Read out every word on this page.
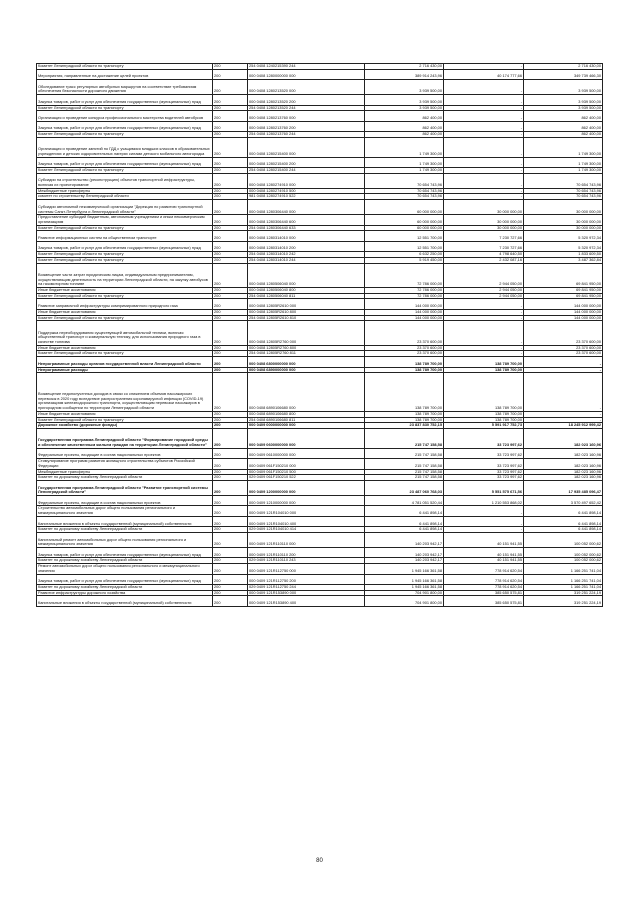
Комитет Ленинградской области по транспорту	200	254 0408 1240215390 244	2 716 430,00	-	2 716 430,00
Мероприятия, направленные на достижение целей проектов	200	000 0408 1280000000 000	389 914 243,96	40 174 777,66	349 739 466,30
Обследование трасс регулярных автобусных маршрутов на соответствие требованиям обеспечения безопасности дорожного движения	200	000 0408 1280213520 000	3 939 500,00	-	3 939 500,00
Закупка товаров, работ и услуг для обеспечения государственных (муниципальных) нужд	200	000 0408 1280213520 200	3 939 500,00	-	3 939 500,00
Комитет Ленинградской области по транспорту	200	254 0408 1280213520 244	3 939 500,00	-	3 939 500,00
Организация и проведение конкурса профессионального мастерства водителей автобусов	200	000 0408 1280213760 000	862 400,00	-	862 400,00
Закупка товаров, работ и услуг для обеспечения государственных (муниципальных) нужд	200	000 0408 1280213760 200	862 400,00	-	862 400,00
Комитет Ленинградской области по транспорту	200	254 0408 1280213760 244	862 400,00	-	862 400,00
Организация и проведение занятий по ГДД с учащимися младших классов в образовательных учреждениях и детских оздоровительных лагерях силами детского мобильного автогородка	200	000 0408 1280215400 000	1 749 300,00	-	1 749 300,00
Закупка товаров, работ и услуг для обеспечения государственных (муниципальных) нужд	200	000 0408 1280215400 200	1 749 300,00	-	1 749 300,00
Комитет Ленинградской области по транспорту	200	254 0408 1280215400 244	1 749 300,00	-	1 749 300,00
Субсидии на строительство (реконструкцию) объектов транспортной инфраструктуры, включая их проектирование	200	000 0408 1280274910 000	70 654 743,96	-	70 654 743,96
Межбюджетные трансферты	200	000 0408 1280274910 500	70 654 743,96	-	70 654 743,96
комитет по строительству Ленинградской области	200	981 0408 1280274910 522	70 654 743,96	-	70 654 743,96
Субсидии автономной некоммерческой организации "Дирекция по развитию транспортной системы Санкт-Петербурга и Ленинградской области"	200	000 0408 1280306440 000	60 000 000,00	30 000 000,00	30 000 000,00
Предоставление субсидий бюджетным, автономным учреждениям и иным некоммерческим организациям	200	000 0408 1280306440 600	60 000 000,00	30 000 000,00	30 000 000,00
Комитет Ленинградской области по транспорту	200	254 0408 1280306440 633	60 000 000,00	30 000 000,00	30 000 000,00
Развитие информационных систем на общественном транспорте	200	000 0408 1280314010 000	12 551 700,00	7 230 727,66	5 320 972,34
Закупка товаров, работ и услуг для обеспечения государственных (муниципальных) нужд	200	000 0408 1280314010 200	12 551 700,00	7 230 727,66	5 320 972,34
Комитет Ленинградской области по транспорту	200	254 0408 1280314010 242	6 632 250,00	4 798 640,50	1 833 609,50
Комитет Ленинградской области по транспорту	200	254 0408 1280314010 244	5 919 450,00	2 432 087,16	3 487 362,84
Возмещение части затрат юридическим лицам, индивидуальным предпринимателям, осуществляющим деятельность на территории Ленинградской области, на закупку автобусов на газомоторном топливе	200	000 0408 1280506040 000	72 786 000,00	2 944 050,00	69 841 950,00
Иные бюджетные ассигнования	200	000 0408 1280506040 800	72 786 000,00	2 944 050,00	69 841 950,00
Комитет Ленинградской области по транспорту	200	254 0408 1280506040 811	72 786 000,00	2 944 050,00	69 841 950,00
Развитие заправочной инфраструктуры компримированного природного газа	200	000 0408 12805R2610 000	144 000 000,00	-	144 000 000,00
Иные бюджетные ассигнования	200	000 0408 12805R2610 800	144 000 000,00	-	144 000 000,00
Комитет Ленинградской области по транспорту	200	254 0408 12805R2610 810	144 000 000,00	-	144 000 000,00
Поддержка переоборудования существующей автомобильной техники, включая общественный транспорт и коммунальную технику, для использования природного газа в качестве топлива	200	000 0408 12805R2760 000	23 370 600,00	-	23 370 600,00
Иные бюджетные ассигнования	200	000 0408 12805R2760 800	23 370 600,00	-	23 370 600,00
Комитет Ленинградской области по транспорту	200	254 0408 12805R2760 811	23 370 600,00	-	23 370 600,00
Непрограммные расходы органов государственной власти Ленинградской области	200	000 0408 6800000000 000	138 789 700,00	138 789 700,00	-
Непрограммные расходы	200	000 0408 6890000000 000	138 789 700,00	138 789 700,00	-
Возмещение недополученных доходов в связи со снижением объемов пассажирских перевозок в 2020 году вследствие распространения коронавирусной инфекции (COVID-19) организациям железнодорожного транспорта, осуществляющим перевозки пассажиров в пригородном сообщении по территории Ленинградской области	200	000 0408 6890106680 000	138 789 700,00	138 789 700,00	-
Иные бюджетные ассигнования	200	000 0408 6890106680 800	138 789 700,00	138 789 700,00	-
Комитет Ленинградской области по транспорту	200	254 0408 6890106680 811	138 789 700,00	138 789 700,00	-
Дорожное хозяйство (дорожные фонды)	200	000 0409 0000000000 000	23 837 830 752,15	5 591 917 752,73	18 245 912 999,42
Государственная программа Ленинградской области "Формирование городской среды и обеспечение качественным жильем граждан на территории Ленинградской области"	200	000 0409 0600000000 000	215 747 158,58	33 723 997,62	182 023 160,96
Федеральные проекты, входящие в состав национальных проектов	200	000 0409 0610000000 000	215 747 158,58	33 723 997,62	182 023 160,96
Стимулирование программ развития жилищного строительства субъектов Российской Федерации	200	000 0409 061F150210 000	215 747 158,58	33 723 997,62	182 023 160,96
Межбюджетные трансферты	200	000 0409 061F150210 500	215 747 158,58	33 723 997,62	182 023 160,96
Комитет по дорожному хозяйству Ленинградской области	200	029 0409 061F150210 522	215 747 158,58	33 723 997,62	182 023 160,96
Государственная программа Ленинградской области "Развитие транспортной системы Ленинградской области"	200	000 0409 1200000000 000	23 487 060 768,03	5 551 575 671,56	17 935 485 096,47
Федеральные проекты, входящие в состав национальных проектов	200	000 0409 1210000000 000	4 781 051 520,44	1 210 553 868,02	3 570 497 652,42
Строительство автомобильных дорог общего пользования регионального и межмуниципального значения	200	000 0409 121R104010 000	6 441 898,14	-	6 441 898,14
Капитальные вложения в объекты государственной (муниципальной) собственности	200	000 0409 121R104010 400	6 441 898,14	-	6 441 898,14
Комитет по дорожному хозяйству Ленинградской области	200	029 0409 121R104010 414	6 441 898,14	-	6 441 898,14
Капитальный ремонт автомобильных дорог общего пользования регионального и межмуниципального значения	200	000 0409 121R110110 000	140 203 942,17	40 151 941,55	100 052 000,62
Закупка товаров, работ и услуг для обеспечения государственных (муниципальных) нужд	200	000 0409 121R110110 200	140 203 942,17	40 151 941,55	100 052 000,62
Комитет по дорожному хозяйству Ленинградской области	200	029 0409 121R110110 243	140 203 942,17	40 151 941,55	100 052 000,62
Ремонт автомобильных дорог общего пользования регионального и межмуниципального значения	200	000 0409 121R112750 000	1 945 166 361,58	778 914 620,54	1 166 251 741,04
Закупка товаров, работ и услуг для обеспечения государственных (муниципальных) нужд	200	000 0409 121R112750 200	1 945 166 361,58	778 914 620,54	1 166 251 741,04
Комитет по дорожному хозяйству Ленинградской области	200	029 0409 121R112750 244	1 945 166 361,58	778 914 620,54	1 166 251 741,04
Развитие инфраструктуры дорожного хозяйства	200	000 0409 121R153890 000	704 901 800,00	385 650 575,81	319 251 224,19
Капитальные вложения в объекты государственной (муниципальной) собственности	200	000 0409 121R153890 400	704 901 800,00	385 650 575,81	319 251 224,19
80
